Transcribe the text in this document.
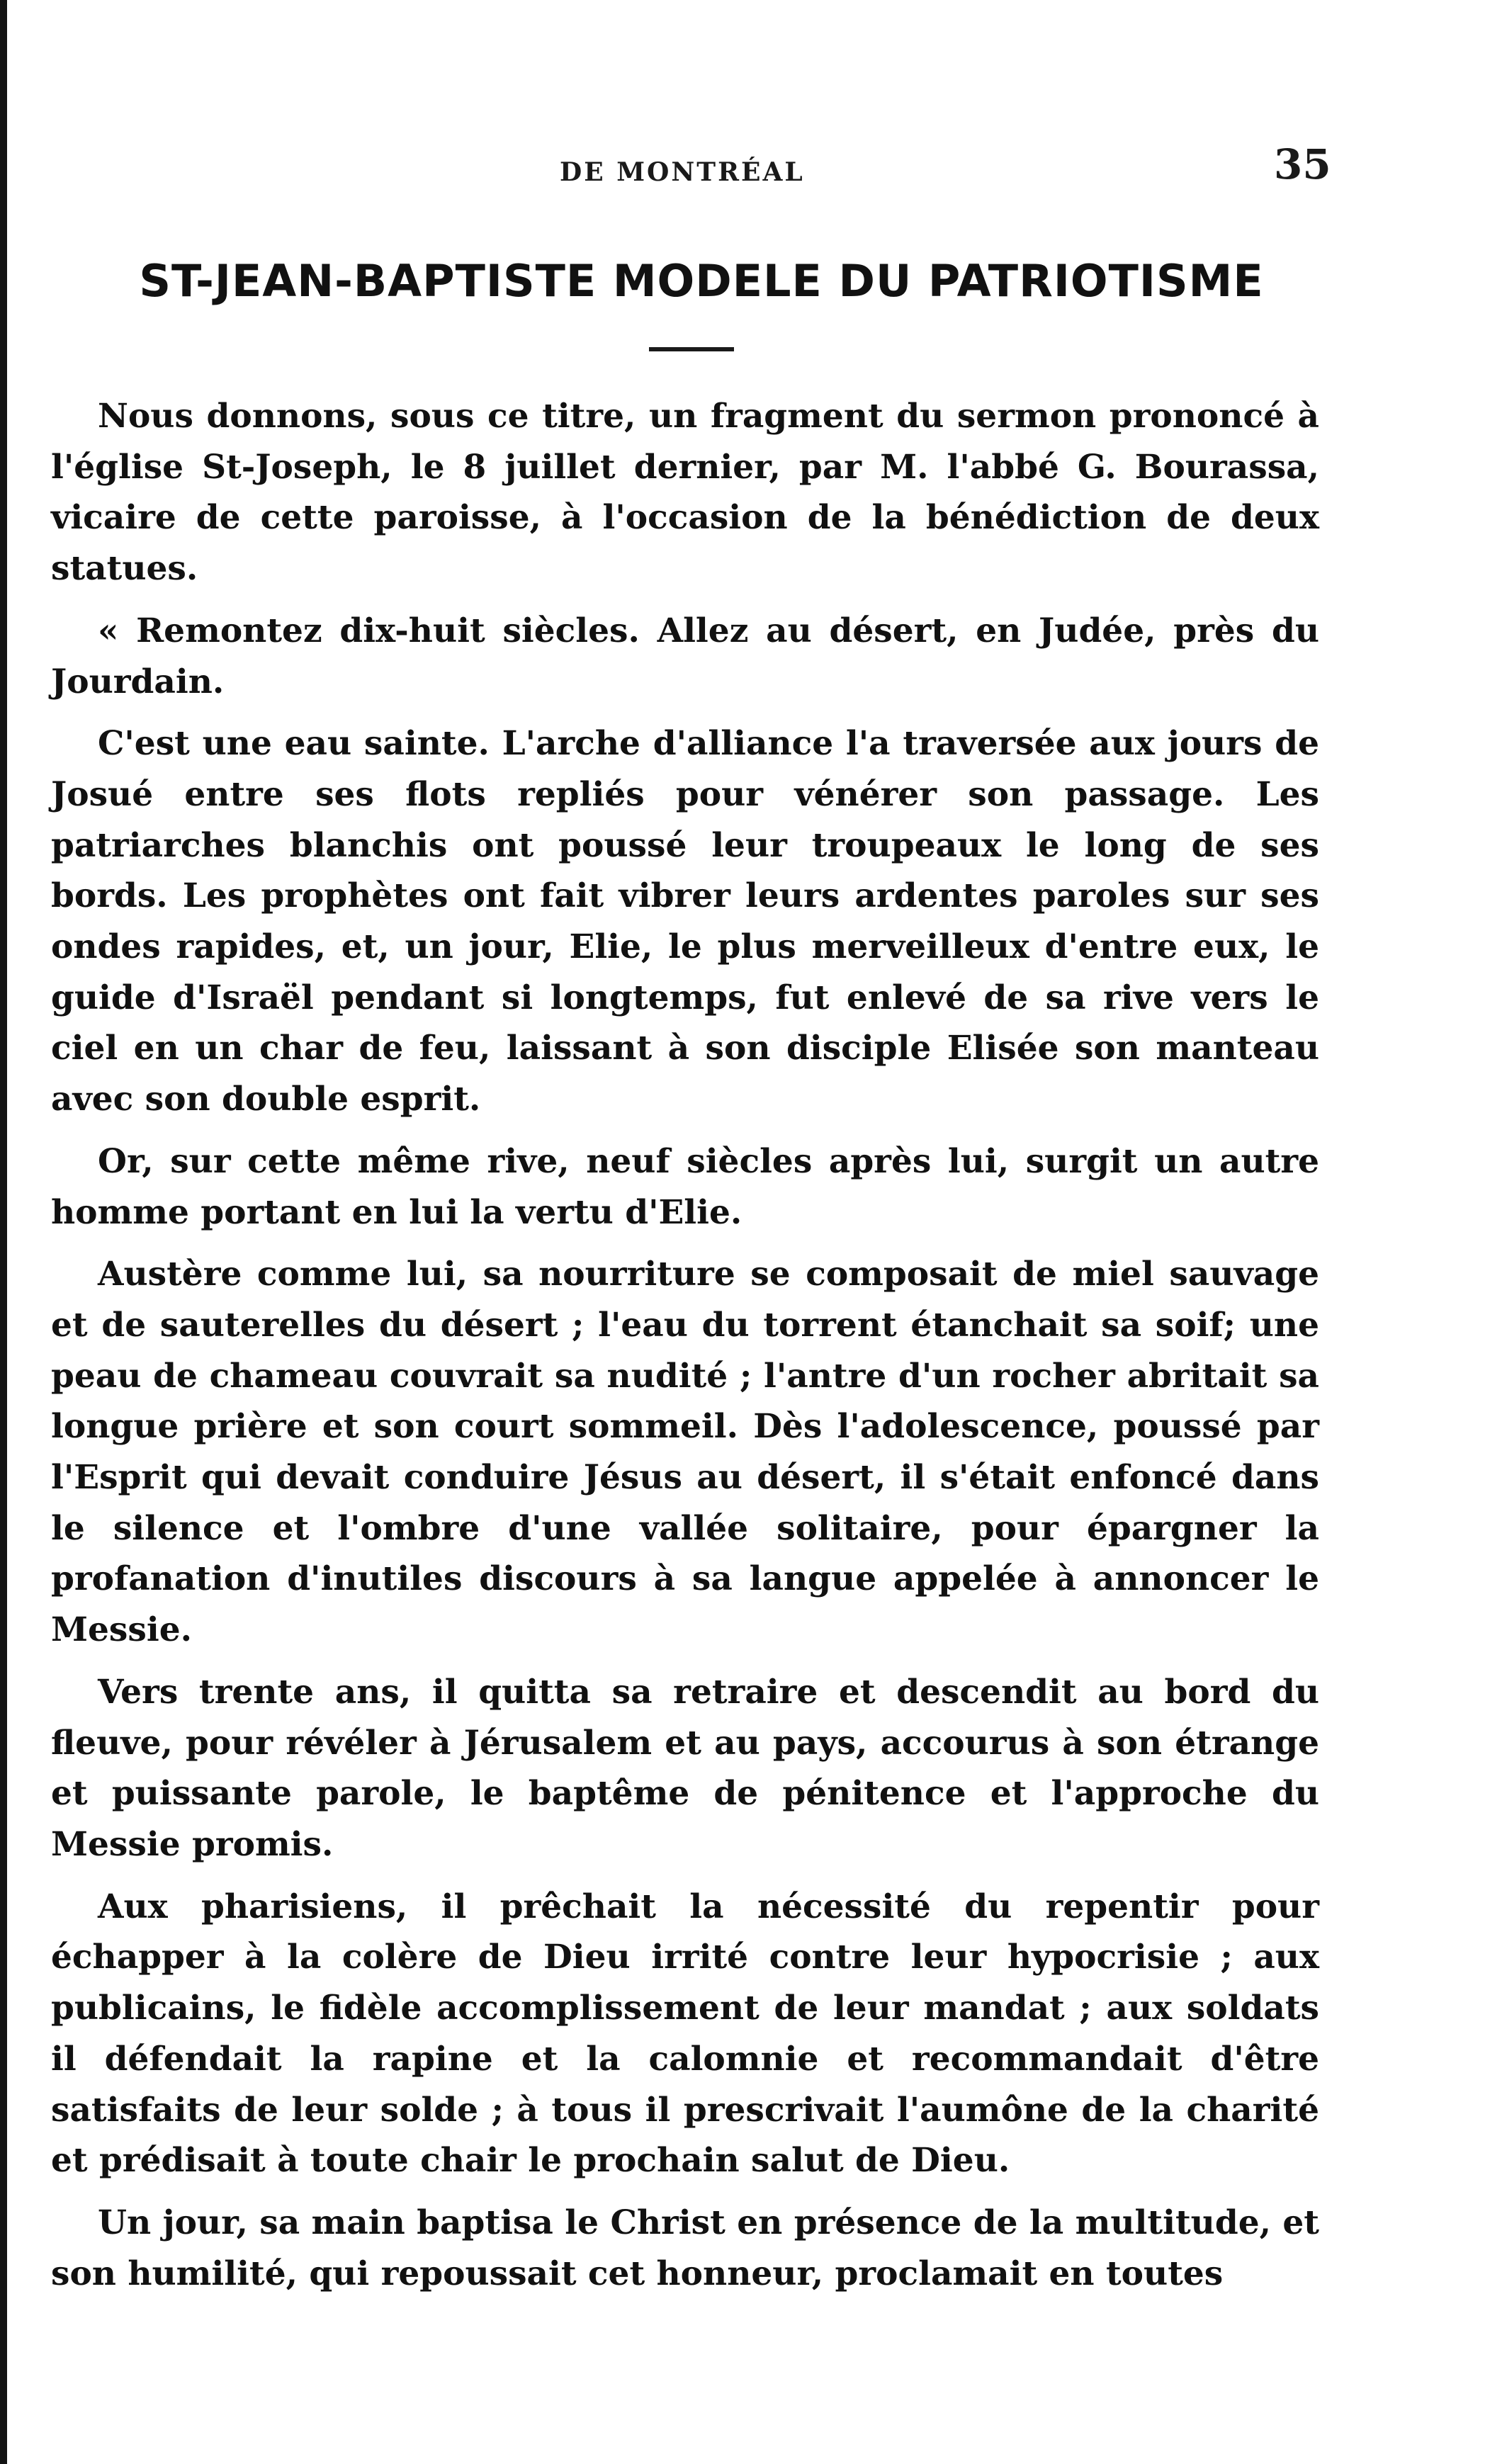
DE MONTRÉAL	35
ST-JEAN-BAPTISTE MODELE DU PATRIOTISME

Nous donnons, sous ce titre, un fragment du sermon prononcé à l'église St-Joseph, le 8 juillet dernier, par M. l'abbé G. Bourassa, vicaire de cette paroisse, à l'occasion de la bénédiction de deux statues.

« Remontez dix-huit siècles. Allez au désert, en Judée, près du Jourdain.

C'est une eau sainte. L'arche d'alliance l'a traversée aux jours de Josué entre ses flots repliés pour vénérer son passage. Les patriarches blanchis ont poussé leur troupeaux le long de ses bords. Les prophètes ont fait vibrer leurs ardentes paroles sur ses ondes rapides, et, un jour, Elie, le plus merveilleux d'entre eux, le guide d'Israël pendant si longtemps, fut enlevé de sa rive vers le ciel en un char de feu, laissant à son disciple Elisée son manteau avec son double esprit.

Or, sur cette même rive, neuf siècles après lui, surgit un autre homme portant en lui la vertu d'Elie.

Austère comme lui, sa nourriture se composait de miel sauvage et de sauterelles du désert ; l'eau du torrent étanchait sa soif; une peau de chameau couvrait sa nudité ; l'antre d'un rocher abritait sa longue prière et son court sommeil. Dès l'adolescence, poussé par l'Esprit qui devait conduire Jésus au désert, il s'était enfoncé dans le silence et l'ombre d'une vallée solitaire, pour épargner la profanation d'inutiles discours à sa langue appelée à annoncer le Messie.

Vers trente ans, il quitta sa retraire et descendit au bord du fleuve, pour révéler à Jérusalem et au pays, accourus à son étrange et puissante parole, le baptême de pénitence et l'approche du Messie promis.

Aux pharisiens, il prêchait la nécessité du repentir pour échapper à la colère de Dieu irrité contre leur hypocrisie ; aux publicains, le fidèle accomplissement de leur mandat ; aux soldats il défendait la rapine et la calomnie et recommandait d'être satisfaits de leur solde ; à tous il prescrivait l'aumône de la charité et prédisait à toute chair le prochain salut de Dieu.

Un jour, sa main baptisa le Christ en présence de la multitude, et son humilité, qui repoussait cet honneur, proclamait en toutes
